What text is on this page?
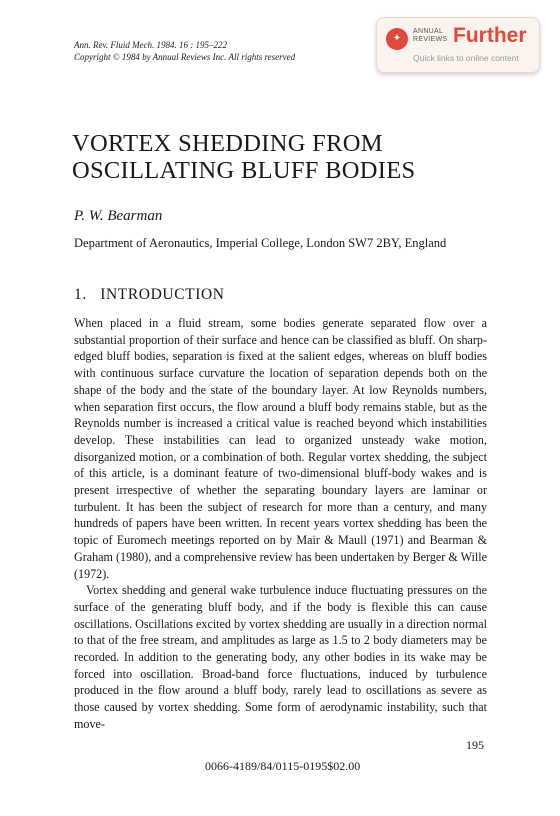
Ann. Rev. Fluid Mech. 1984. 16 : 195–222
Copyright © 1984 by Annual Reviews Inc. All rights reserved
✦
ANNUAL
REVIEWS Further
Quick links to online content
VORTEX SHEDDING FROM
OSCILLATING BLUFF BODIES
P. W. Bearman
Department of Aeronautics, Imperial College, London SW7 2BY, England
1.   INTRODUCTION

When placed in a fluid stream, some bodies generate separated flow over a substantial proportion of their surface and hence can be classified as bluff. On sharp-edged bluff bodies, separation is fixed at the salient edges, whereas on bluff bodies with continuous surface curvature the location of separation depends both on the shape of the body and the state of the boundary layer. At low Reynolds numbers, when separation first occurs, the flow around a bluff body remains stable, but as the Reynolds number is increased a critical value is reached beyond which instabilities develop. These instabilities can lead to organized unsteady wake motion, disorganized motion, or a combination of both. Regular vortex shedding, the subject of this article, is a dominant feature of two-dimensional bluff-body wakes and is present irrespective of whether the separating boundary layers are laminar or turbulent. It has been the subject of research for more than a century, and many hundreds of papers have been written. In recent years vortex shedding has been the topic of Euromech meetings reported on by Mair & Maull (1971) and Bearman & Graham (1980), and a comprehensive review has been undertaken by Berger & Wille (1972).

Vortex shedding and general wake turbulence induce fluctuating pressures on the surface of the generating bluff body, and if the body is flexible this can cause oscillations. Oscillations excited by vortex shedding are usually in a direction normal to that of the free stream, and amplitudes as large as 1.5 to 2 body diameters may be recorded. In addition to the generating body, any other bodies in its wake may be forced into oscillation. Broad-band force fluctuations, induced by turbulence produced in the flow around a bluff body, rarely lead to oscillations as severe as those caused by vortex shedding. Some form of aerodynamic instability, such that move-

195
0066-4189/84/0115-0195$02.00
